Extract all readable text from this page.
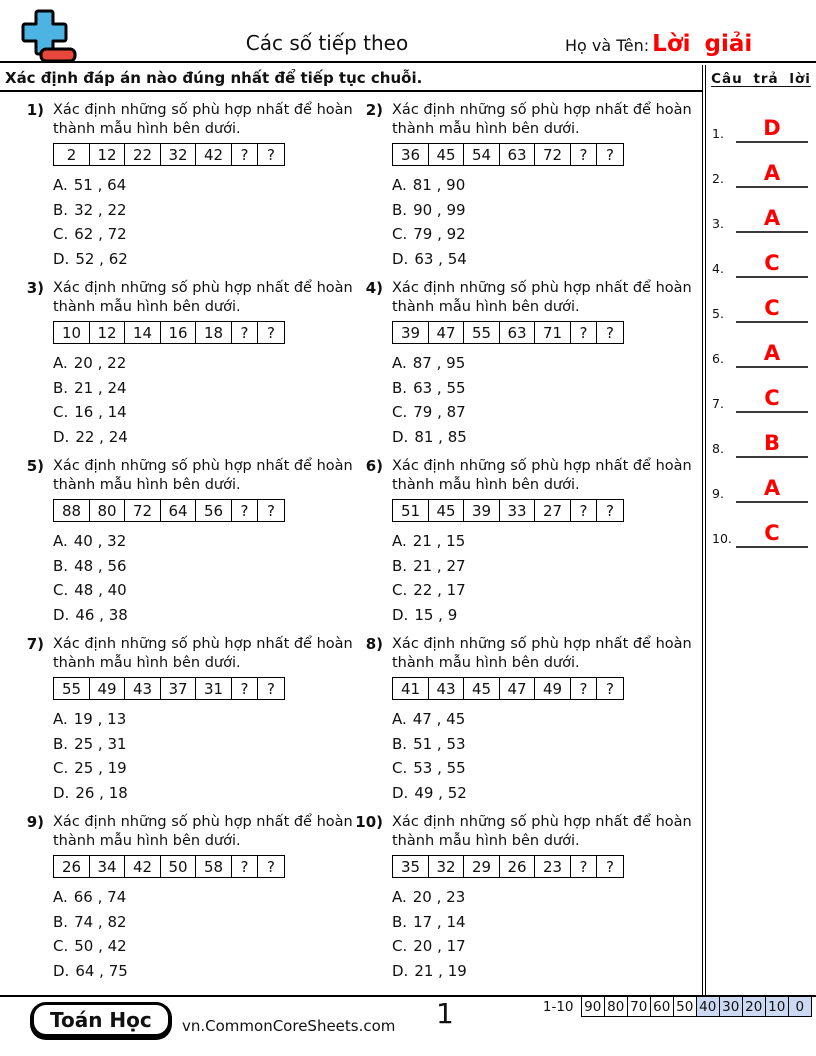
Các số tiếp theo	Họ và Tên: Lời giải
Xác định đáp án nào đúng nhất để tiếp tục chuỗi.
1) Xác định những số phù hợp nhất để hoàn
thành mẫu hình bên dưới.
2	12	22	32	42	?	?
A. 51 , 64
B. 32 , 22
C. 62 , 72
D. 52 , 62
2) Xác định những số phù hợp nhất để hoàn
thành mẫu hình bên dưới.
36	45	54	63	72	?	?
A. 81 , 90
B. 90 , 99
C. 79 , 92
D. 63 , 54
3) Xác định những số phù hợp nhất để hoàn
thành mẫu hình bên dưới.
10	12	14	16	18	?	?
A. 20 , 22
B. 21 , 24
C. 16 , 14
D. 22 , 24
4) Xác định những số phù hợp nhất để hoàn
thành mẫu hình bên dưới.
39	47	55	63	71	?	?
A. 87 , 95
B. 63 , 55
C. 79 , 87
D. 81 , 85
5) Xác định những số phù hợp nhất để hoàn
thành mẫu hình bên dưới.
88	80	72	64	56	?	?
A. 40 , 32
B. 48 , 56
C. 48 , 40
D. 46 , 38
6) Xác định những số phù hợp nhất để hoàn
thành mẫu hình bên dưới.
51	45	39	33	27	?	?
A. 21 , 15
B. 21 , 27
C. 22 , 17
D. 15 , 9
7) Xác định những số phù hợp nhất để hoàn
thành mẫu hình bên dưới.
55	49	43	37	31	?	?
A. 19 , 13
B. 25 , 31
C. 25 , 19
D. 26 , 18
8) Xác định những số phù hợp nhất để hoàn
thành mẫu hình bên dưới.
41	43	45	47	49	?	?
A. 47 , 45
B. 51 , 53
C. 53 , 55
D. 49 , 52
9) Xác định những số phù hợp nhất để hoàn
thành mẫu hình bên dưới.
26	34	42	50	58	?	?
A. 66 , 74
B. 74 , 82
C. 50 , 42
D. 64 , 75
10) Xác định những số phù hợp nhất để hoàn
thành mẫu hình bên dưới.
35	32	29	26	23	?	?
A. 20 , 23
B. 17 , 14
C. 20 , 17
D. 21 , 19
Câu trả lời
1.	D
2.	A
3.	A
4.	C
5.	C
6.	A
7.	C
8.	B
9.	A
10.	C
Toán Học	vn.CommonCoreSheets.com 1	1-10 90 80 70 60 50 40 30 20 10 0
